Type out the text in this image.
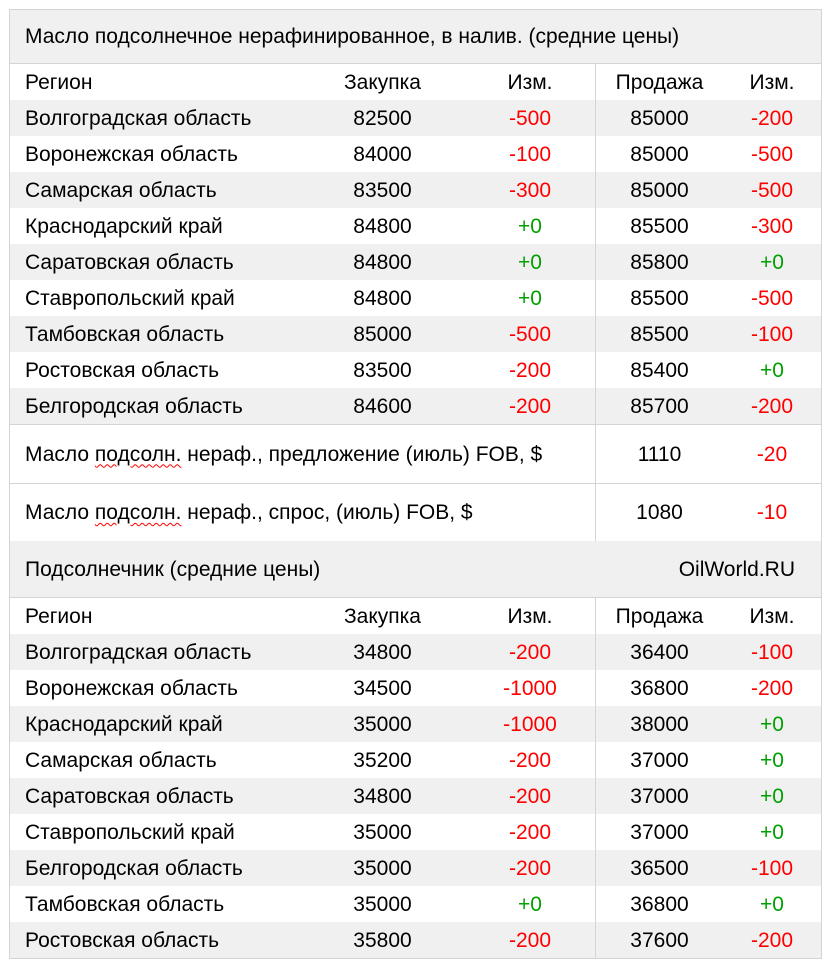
Масло подсолнечное нерафинированное, в налив. (средние цены)
Регион	Закупка	Изм.	Продажа	Изм.
Волгоградская область	82500	-500	85000	-200
Воронежская область	84000	-100	85000	-500
Самарская область	83500	-300	85000	-500
Краснодарский край	84800	+0	85500	-300
Саратовская область	84800	+0	85800	+0
Ставропольский край	84800	+0	85500	-500
Тамбовская область	85000	-500	85500	-100
Ростовская область	83500	-200	85400	+0
Белгородская область	84600	-200	85700	-200
Масло подсолн. нераф., предложение (июль) FOB, $	1110	-20
Масло подсолн. нераф., спрос, (июль) FOB, $	1080	-10
Подсолнечник (средние цены)	OilWorld.RU
Регион	Закупка	Изм.	Продажа	Изм.
Волгоградская область	34800	-200	36400	-100
Воронежская область	34500	-1000	36800	-200
Краснодарский край	35000	-1000	38000	+0
Самарская область	35200	-200	37000	+0
Саратовская область	34800	-200	37000	+0
Ставропольский край	35000	-200	37000	+0
Белгородская область	35000	-200	36500	-100
Тамбовская область	35000	+0	36800	+0
Ростовская область	35800	-200	37600	-200
